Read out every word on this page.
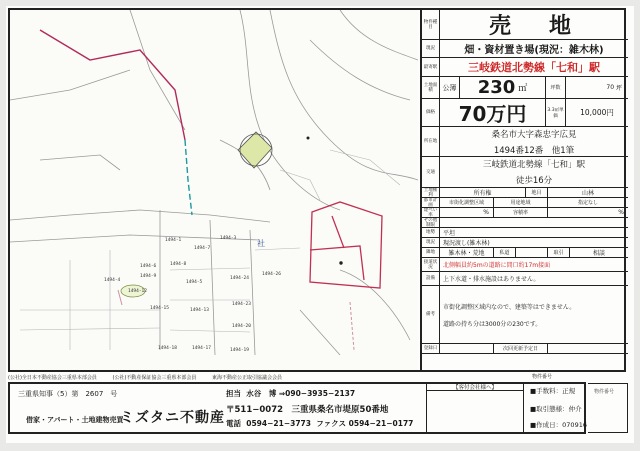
社
1494-12
1494-1
1494-7
1494-3
1494-8
1494-6
1494-9
1494-5
1494-24
1494-4
1494-15	1494-13
1494-23
1494-20
1494-18	1494-17	1494-19
1494-26
物件種目	売　地
現況	畑・資材置き場(現況：雑木林)
最寄駅	三岐鉄道北勢線「七和」駅
土地面積	公簿 230 ㎡	坪数	70
坪
価格	70万円	3.3㎡単価	10,000円
所在地
桑名市大字森忠字広見
1494番12番　他1筆
交通
三岐鉄道北勢線「七和」駅
徒歩16分
土地権利	所有権	地目	山林
都市計画	市街化調整区域	用途地域	指定なし
建ぺい率	%	容積率	%
その他制限
地勢	平坦
現況	現況渡し(雑木林)
隣地	雑木林・荒地	私道	取引	相談
接道状況	北側幅員約5mの道路に間口約17m接面
設備	上下水道・排水施設はありません。
備考
市街化調整区域内なので、建築等はできません。
道路の持ち分は3000分の230です。
登録日	次回更新予定日
(公社)全日本不動産協会三重県本部会員	(公社)不動産保証協会三重県本部会員	東海不動産公正取引協議会会員	物件番号
三重県知事（5）第　2607　号
借家・アパート・土地建物売買
ミズタニ不動産
担当 水谷　博 ⇒090−3935−2137
〒511−0072　三重県桑名市堤原50番地
電話 0594−21−3773 ファクス 0594−21−0177
【客付会社様へ】	■手数料：正規
■取引態様：仲介
■作成日：070916
物件番号
